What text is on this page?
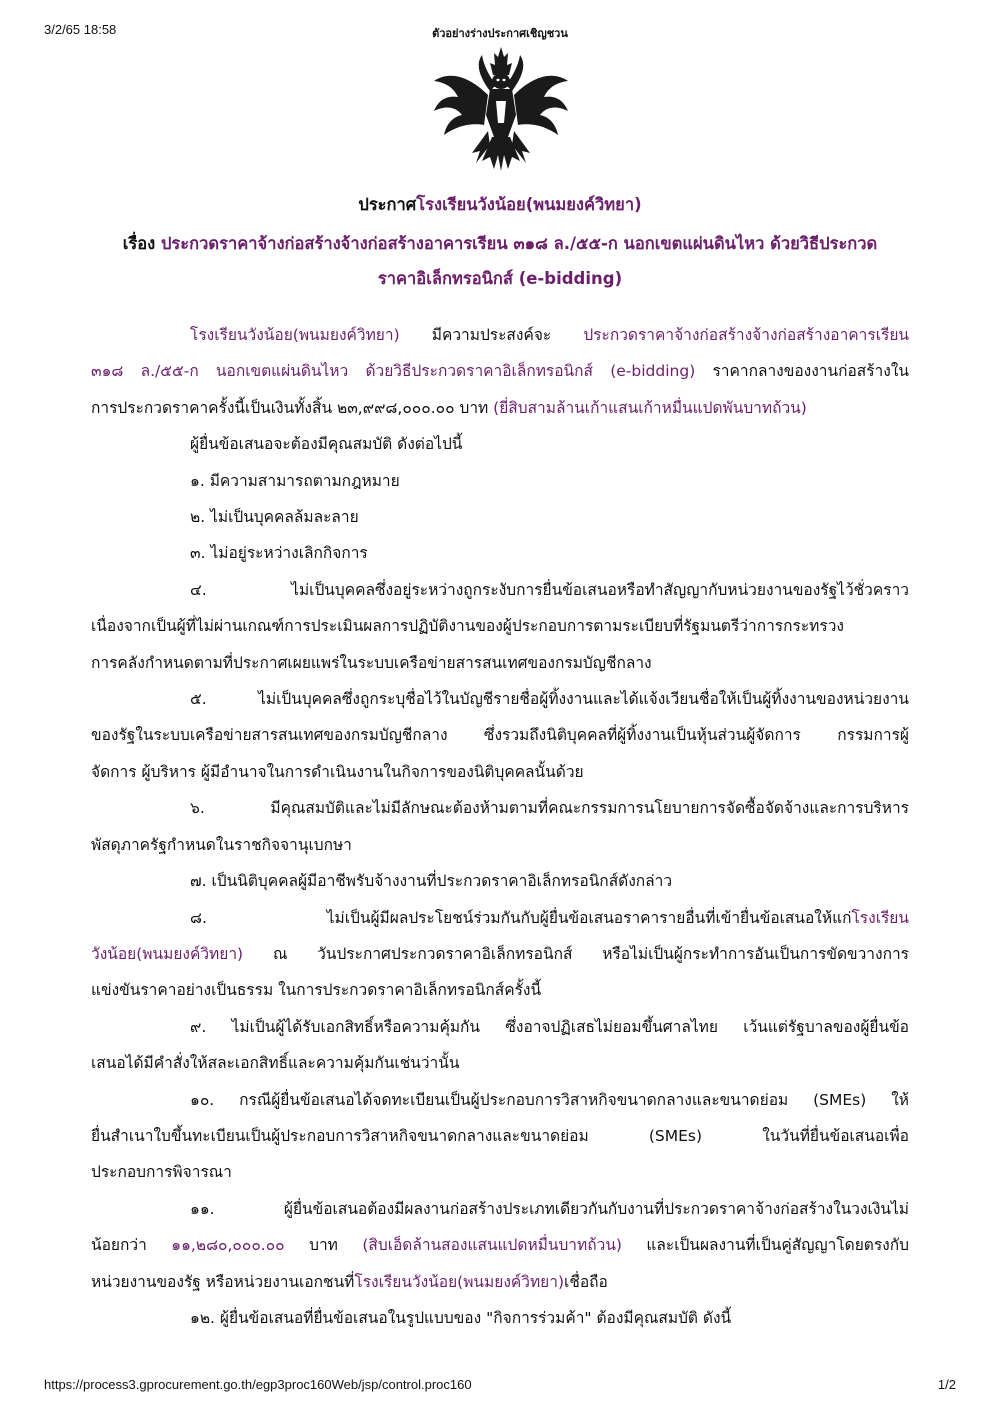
3/2/65 18:58	ตัวอย่างร่างประกาศเชิญชวน
ประกาศโรงเรียนวังน้อย(พนมยงค์วิทยา)
เรื่อง ประกวดราคาจ้างก่อสร้างจ้างก่อสร้างอาคารเรียน ๓๑๘ ล./๕๕-ก นอกเขตแผ่นดินไหว ด้วยวิธีประกวด
ราคาอิเล็กทรอนิกส์ (e-bidding)

โรงเรียนวังน้อย(พนมยงค์วิทยา) มีความประสงค์จะ ประกวดราคาจ้างก่อสร้างจ้างก่อสร้างอาคารเรียน

๓๑๘ ล./๕๕-ก นอกเขตแผ่นดินไหว ด้วยวิธีประกวดราคาอิเล็กทรอนิกส์ (e-bidding) ราคากลางของงานก่อสร้างใน

การประกวดราคาครั้งนี้เป็นเงินทั้งสิ้น ๒๓,๙๙๘,๐๐๐.๐๐ บาท (ยี่สิบสามล้านเก้าแสนเก้าหมื่นแปดพันบาทถ้วน)

ผู้ยื่นข้อเสนอจะต้องมีคุณสมบัติ ดังต่อไปนี้

๑. มีความสามารถตามกฎหมาย

๒. ไม่เป็นบุคคลล้มละลาย

๓. ไม่อยู่ระหว่างเลิกกิจการ

๔. ไม่เป็นบุคคลซึ่งอยู่ระหว่างถูกระงับการยื่นข้อเสนอหรือทำสัญญากับหน่วยงานของรัฐไว้ชั่วคราว

เนื่องจากเป็นผู้ที่ไม่ผ่านเกณฑ์การประเมินผลการปฏิบัติงานของผู้ประกอบการตามระเบียบที่รัฐมนตรีว่าการกระทรวง

การคลังกำหนดตามที่ประกาศเผยแพร่ในระบบเครือข่ายสารสนเทศของกรมบัญชีกลาง

๕. ไม่เป็นบุคคลซึ่งถูกระบุชื่อไว้ในบัญชีรายชื่อผู้ทิ้งงานและได้แจ้งเวียนชื่อให้เป็นผู้ทิ้งงานของหน่วยงาน

ของรัฐในระบบเครือข่ายสารสนเทศของกรมบัญชีกลาง ซึ่งรวมถึงนิติบุคคลที่ผู้ทิ้งงานเป็นหุ้นส่วนผู้จัดการ กรรมการผู้

จัดการ ผู้บริหาร ผู้มีอำนาจในการดำเนินงานในกิจการของนิติบุคคลนั้นด้วย

๖. มีคุณสมบัติและไม่มีลักษณะต้องห้ามตามที่คณะกรรมการนโยบายการจัดซื้อจัดจ้างและการบริหาร

พัสดุภาครัฐกำหนดในราชกิจจานุเบกษา

๗. เป็นนิติบุคคลผู้มีอาชีพรับจ้างงานที่ประกวดราคาอิเล็กทรอนิกส์ดังกล่าว

๘. ไม่เป็นผู้มีผลประโยชน์ร่วมกันกับผู้ยื่นข้อเสนอราคารายอื่นที่เข้ายื่นข้อเสนอให้แก่โรงเรียน

วังน้อย(พนมยงค์วิทยา) ณ วันประกาศประกวดราคาอิเล็กทรอนิกส์ หรือไม่เป็นผู้กระทำการอันเป็นการขัดขวางการ

แข่งขันราคาอย่างเป็นธรรม ในการประกวดราคาอิเล็กทรอนิกส์ครั้งนี้

๙. ไม่เป็นผู้ได้รับเอกสิทธิ์หรือความคุ้มกัน ซึ่งอาจปฏิเสธไม่ยอมขึ้นศาลไทย เว้นแต่รัฐบาลของผู้ยื่นข้อ

เสนอได้มีคำสั่งให้สละเอกสิทธิ์และความคุ้มกันเช่นว่านั้น

๑๐. กรณีผู้ยื่นข้อเสนอได้จดทะเบียนเป็นผู้ประกอบการวิสาหกิจขนาดกลางและขนาดย่อม (SMEs) ให้

ยื่นสำเนาใบขึ้นทะเบียนเป็นผู้ประกอบการวิสาหกิจขนาดกลางและขนาดย่อม (SMEs) ในวันที่ยื่นข้อเสนอเพื่อ

ประกอบการพิจารณา

๑๑. ผู้ยื่นข้อเสนอต้องมีผลงานก่อสร้างประเภทเดียวกันกับงานที่ประกวดราคาจ้างก่อสร้างในวงเงินไม่

น้อยกว่า ๑๑,๒๘๐,๐๐๐.๐๐ บาท (สิบเอ็ดล้านสองแสนแปดหมื่นบาทถ้วน) และเป็นผลงานที่เป็นคู่สัญญาโดยตรงกับ

หน่วยงานของรัฐ หรือหน่วยงานเอกชนที่โรงเรียนวังน้อย(พนมยงค์วิทยา)เชื่อถือ

๑๒. ผู้ยื่นข้อเสนอที่ยื่นข้อเสนอในรูปแบบของ "กิจการร่วมค้า" ต้องมีคุณสมบัติ ดังนี้

https://process3.gprocurement.go.th/egp3proc160Web/jsp/control.proc160	1/2
